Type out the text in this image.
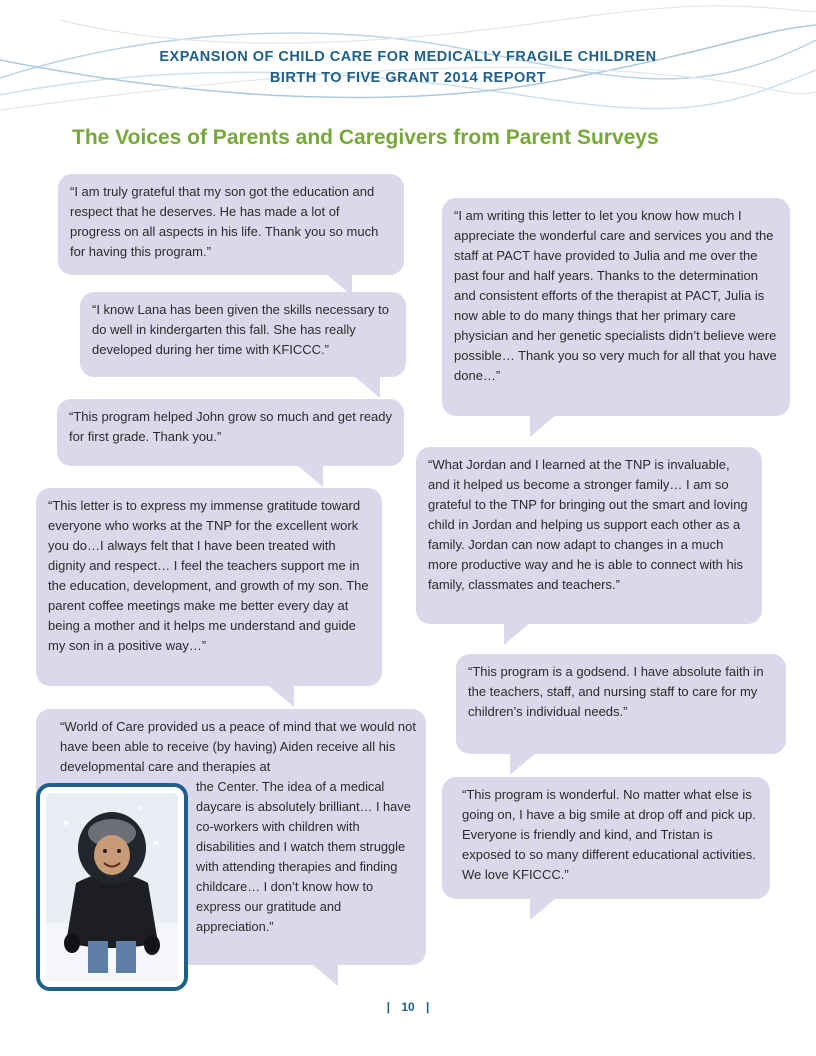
EXPANSION OF CHILD CARE FOR MEDICALLY FRAGILE CHILDREN
BIRTH TO FIVE GRANT 2014 REPORT
The Voices of Parents and Caregivers from Parent Surveys

“I am truly grateful that my son got the education and respect that he deserves. He has made a lot of progress on all aspects in his life. Thank you so much for having this program.”

“I know Lana has been given the skills necessary to do well in kindergarten this fall. She has really developed during her time with KFICCC.”

“This program helped John grow so much and get ready for first grade. Thank you.”

“This letter is to express my immense gratitude toward everyone who works at the TNP for the excellent work you do…I always felt that I have been treated with dignity and respect… I feel the teachers support me in the education, development, and growth of my son. The parent coffee meetings make me better every day at being a mother and it helps me understand and guide my son in a positive way…”

“World of Care provided us a peace of mind that we would not have been able to receive (by having) Aiden receive all his developmental care and therapies at

the Center. The idea of a medical daycare is absolutely brilliant… I have co-workers with children with disabilities and I watch them struggle with attending therapies and finding childcare… I don’t know how to express our gratitude and appreciation.”

“I am writing this letter to let you know how much I appreciate the wonderful care and services you and the staff at PACT have provided to Julia and me over the past four and half years. Thanks to the determination and consistent efforts of the therapist at PACT, Julia is now able to do many things that her primary care physician and her genetic specialists didn’t believe were possible… Thank you so very much for all that you have done…”

“What Jordan and I learned at the TNP is invaluable, and it helped us become a stronger family… I am so grateful to the TNP for bringing out the smart and loving child in Jordan and helping us support each other as a family. Jordan can now adapt to changes in a much more productive way and he is able to connect with his family, classmates and teachers.”

“This program is a godsend. I have absolute faith in the teachers, staff, and nursing staff to care for my children’s individual needs.”

“This program is wonderful. No matter what else is going on, I have a big smile at drop off and pick up. Everyone is friendly and kind, and Tristan is exposed to so many different educational activities. We love KFICCC.”

| 10 |
